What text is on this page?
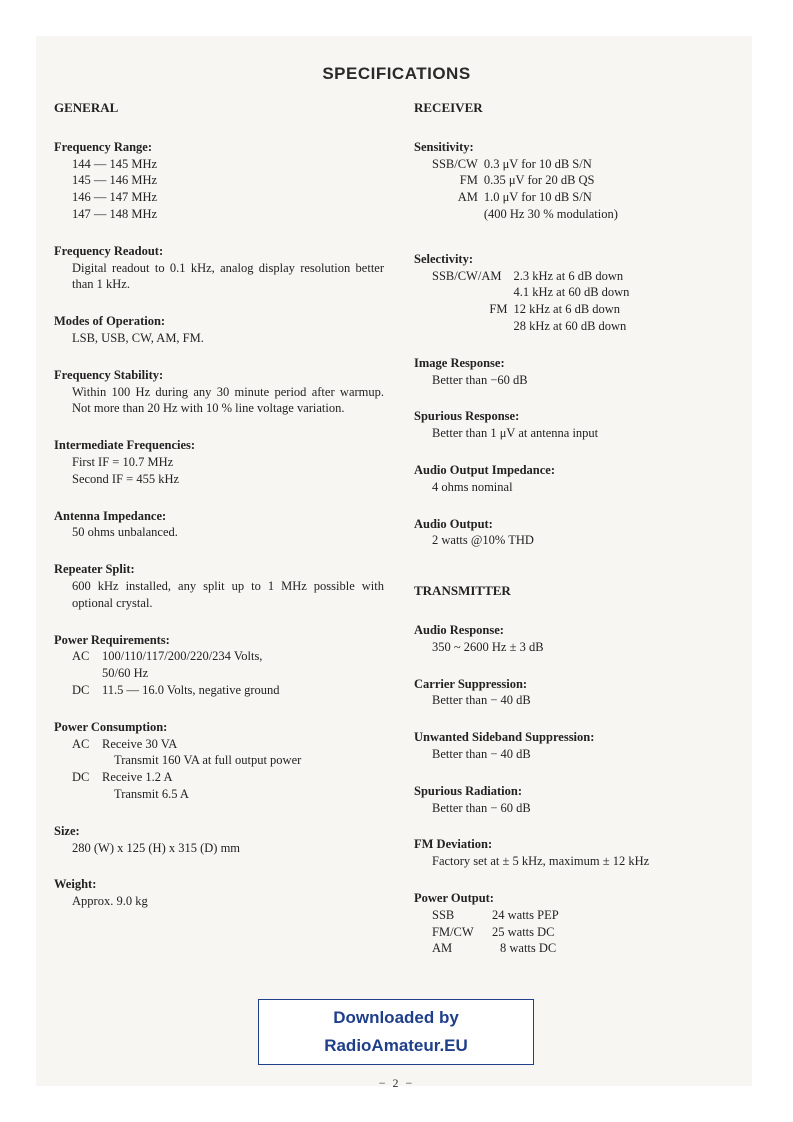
SPECIFICATIONS
GENERAL
Frequency Range:
144 — 145 MHz
145 — 146 MHz
146 — 147 MHz
147 — 148 MHz
Frequency Readout:
Digital readout to 0.1 kHz, analog display resolution better than 1 kHz.
Modes of Operation:
LSB, USB, CW, AM, FM.
Frequency Stability:
Within 100 Hz during any 30 minute period after warmup. Not more than 20 Hz with 10 % line voltage variation.
Intermediate Frequencies:
First IF = 10.7 MHz
Second IF = 455 kHz
Antenna Impedance:
50 ohms unbalanced.
Repeater Split:
600 kHz installed, any split up to 1 MHz possible with optional crystal.
Power Requirements:
AC	100/110/117/200/220/234 Volts,
	50/60 Hz
DC	11.5 — 16.0 Volts, negative ground
Power Consumption:
AC	Receive 30 VA
	Transmit 160 VA at full output power
DC	Receive 1.2 A
	Transmit 6.5 A
Size:
280 (W) x 125 (H) x 315 (D) mm
Weight:
Approx. 9.0 kg
RECEIVER
Sensitivity:
SSB/CW	0.3 μV for 10 dB S/N
FM	0.35 μV for 20 dB QS
AM	1.0 μV for 10 dB S/N
	(400 Hz 30 % modulation)
Selectivity:
SSB/CW/AM	2.3 kHz at 6 dB down
	4.1 kHz at 60 dB down
FM	12 kHz at 6 dB down
	28 kHz at 60 dB down
Image Response:
Better than −60 dB
Spurious Response:
Better than 1 μV at antenna input
Audio Output Impedance:
4 ohms nominal
Audio Output:
2 watts @10% THD
TRANSMITTER
Audio Response:
350 ~ 2600 Hz ± 3 dB
Carrier Suppression:
Better than − 40 dB
Unwanted Sideband Suppression:
Better than − 40 dB
Spurious Radiation:
Better than − 60 dB
FM Deviation:
Factory set at ± 5 kHz, maximum ± 12 kHz
Power Output:
SSB	24 watts PEP
FM/CW	25 watts DC
AM	8 watts DC
Downloaded by
RadioAmateur.EU
− 2 −
